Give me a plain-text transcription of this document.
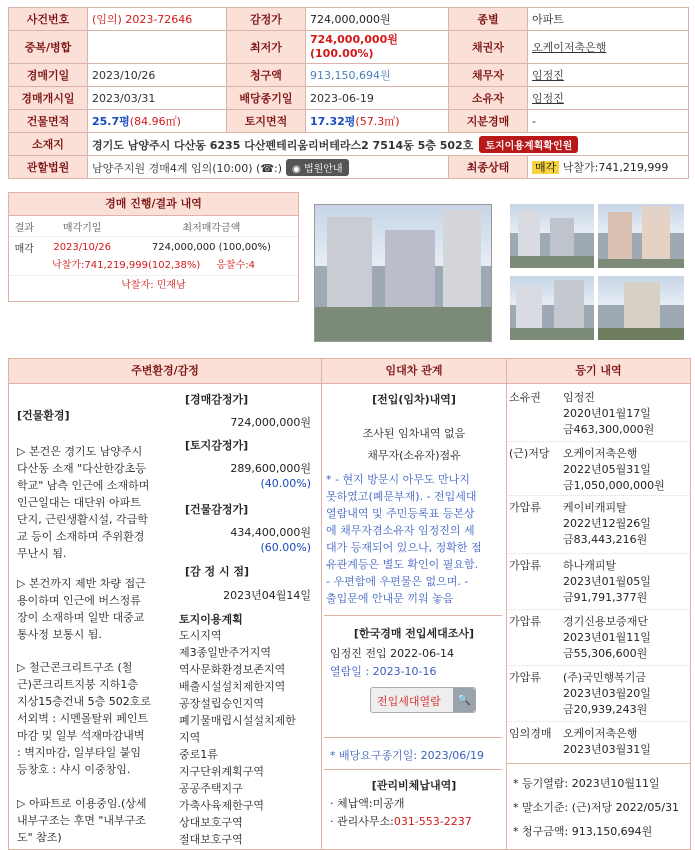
사건번호	(임의) 2023-72646	감정가	724,000,000원	종별	아파트
중복/병합		최저가	724,000,000원
(100.00%)	채권자	오케이저축은행
경매기일	2023/10/26	청구액	913,150,694원	채무자	임정진
경매개시일	2023/03/31	배당종기일	2023-06-19	소유자	임정진
건물면적	25.7평(84.96㎡)	토지면적	17.32평(57.3㎡)	지분경매	-
소재지	경기도 남양주시 다산동 6235 다산펜테리움리버테라스2 7514동 5층 502호 토지이용계획확인원				
관할법원	남양주지원 경매4계 임의(10:00) (☎:) ◉ 법원안내			최종상태	매각 낙찰가:741,219,999
경매 진행/결과 내역
결과	매각기일	최저매각금액
매각	2023/10/26	724,000,000 (100,00%)
낙찰가:741,219,999(102,38%) 응찰수:4
낙찰자: 민재남
주변환경/감정
[건물환경]
▷ 본건은 경기도 남양주시
다산동 소재 "다산한강초등
학교" 남측 인근에 소재하며
인근일대는 대단위 아파트
단지, 근린생활시설, 각급학
교 등이 소재하며 주위환경
무난시 됨.
▷ 본건까지 제반 차량 접근
용이하며 인근에 버스정류
장이 소재하며 일반 대중교
통사정 보통시 됨.
▷ 철근콘크리트구조 (철
근)콘크리트지붕 지하1층
지상15층건내 5층 502호로
서외벽 : 시멘몰탈위 페인트
마감 및 일부 석재마감내벽
: 벽지마감, 일부타일 붙임
등창호 : 샤시 이중창임.
▷ 아파트로 이용중임.(상세
내부구조는 후면 "내부구조
도" 참조)
[경매감정가]
724,000,000원
[토지감정가]
289,600,000원
(40.00%)
[건물감정가]
434,400,000원
(60.00%)
[감 정 시 점]
2023년04월14일
토지이용계획
도시지역
제3종일반주거지역
역사문화환경보존지역
배출시설설치제한지역
공장설립승인지역
폐기물매립시설설치제한
지역
중로1류
지구단위계획구역
공공주택지구
가축사육제한구역
상대보호구역
절대보호구역
임대차 관계
[전입(임차)내역]
조사된 임차내역 없음
채무자(소유자)점유
* - 현지 방문시 아무도 만나지
못하였고(폐문부재). - 전입세대
열람내역 및 주민등록표 등본상
에 채무자겸소유자 임정진의 세
대가 등재되어 있으나, 정확한 점
유관계등은 별도 확인이 필요함.
- 우편함에 우편물은 없으며. -
출입문에 안내문 끼워 놓음
[한국경매 전입세대조사]
임정진 전입 2022-06-14
열람일 : 2023-10-16
전입세대열람	🔍
* 배당요구종기일: 2023/06/19
[관리비체납내역]
· 체납액:미공개
· 관리사무소:031-553-2237
등기 내역
소유권 임정진
2020년01월17일
금463,300,000원
(근)저당 오케이저축은행
2022년05월31일
금1,050,000,000원
가압류 케이비캐피탈
2022년12월26일
금83,443,216원
가압류 하나캐피탈
2023년01월05일
금91,791,377원
가압류 경기신용보증재단
2023년01월11일
금55,306,600원
가압류 (주)국민행복기금
2023년03월20일
금20,939,243원
임의경매 오케이저축은행
2023년03월31일
* 등기열람: 2023년10월11일
* 말소기준: (근)저당 2022/05/31
* 청구금액: 913,150,694원
